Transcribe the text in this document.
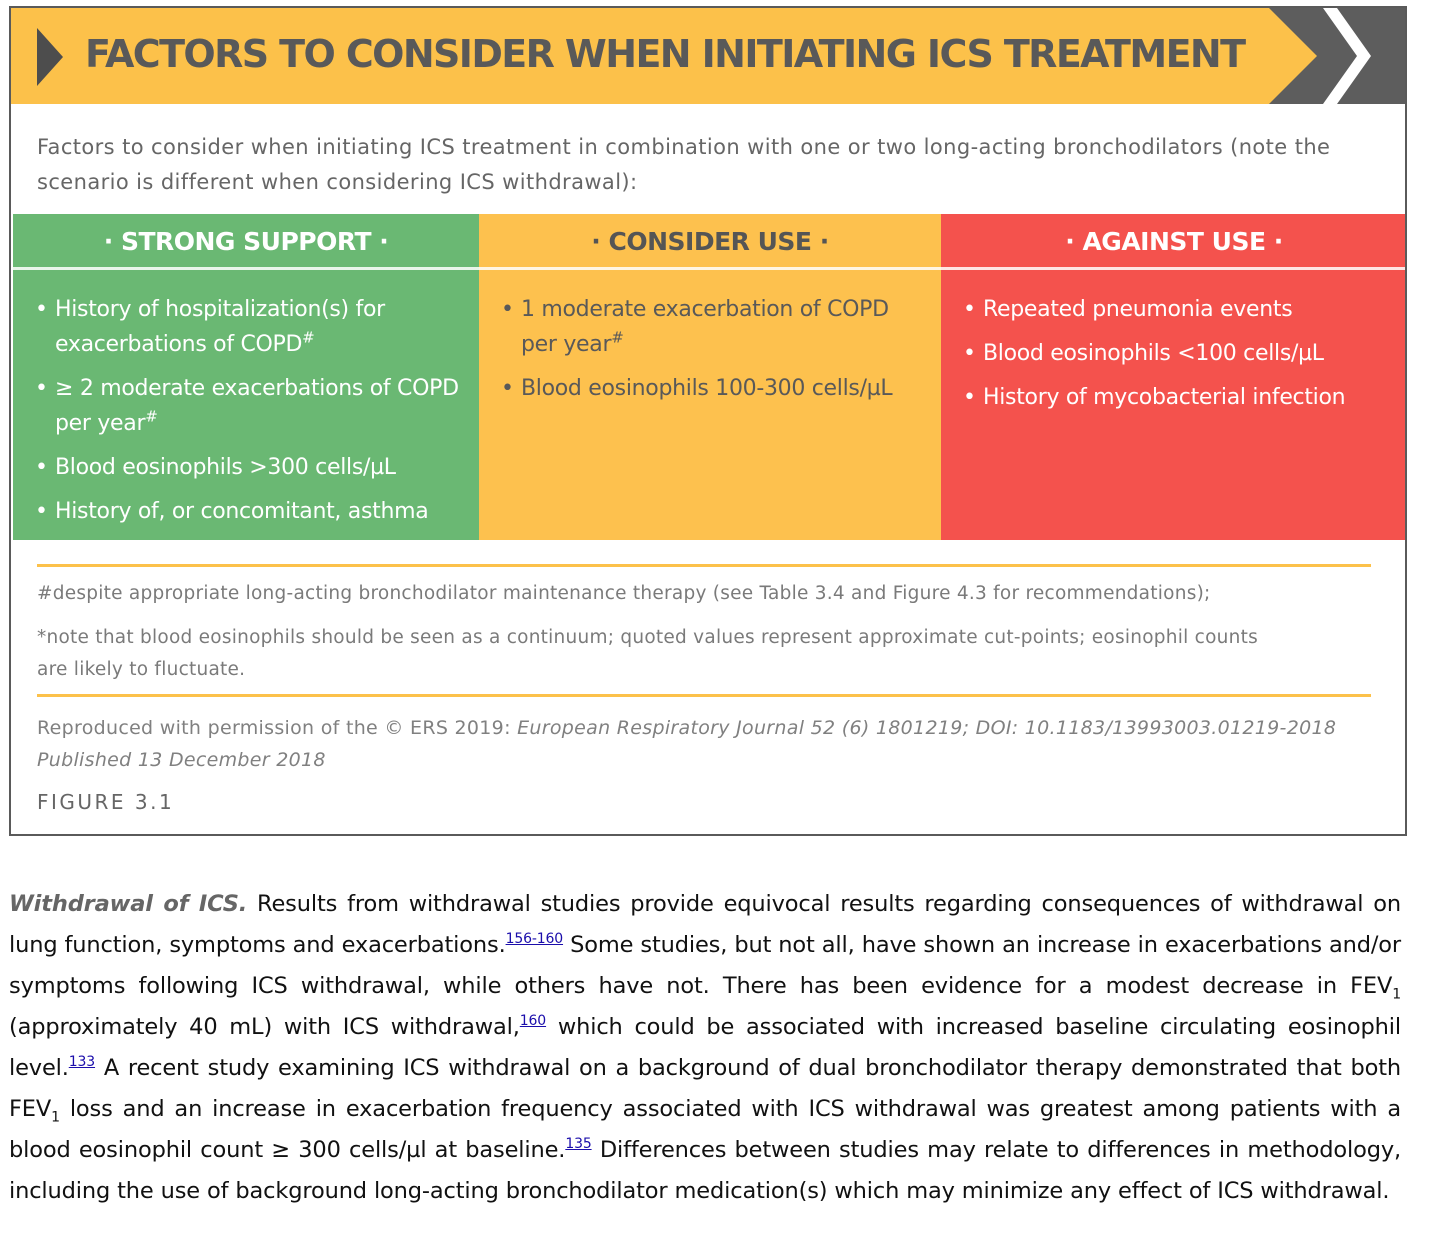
FACTORS TO CONSIDER WHEN INITIATING ICS TREATMENT
Factors to consider when initiating ICS treatment in combination with one or two long-acting bronchodilators (note the scenario is different when considering ICS withdrawal):
· STRONG SUPPORT ·
• History of hospitalization(s) for exacerbations of COPD#
• ≥ 2 moderate exacerbations of COPD per year#
• Blood eosinophils >300 cells/µL
• History of, or concomitant, asthma
· CONSIDER USE ·
• 1 moderate exacerbation of COPD per year#
• Blood eosinophils 100-300 cells/µL
· AGAINST USE ·
• Repeated pneumonia events
• Blood eosinophils <100 cells/µL
• History of mycobacterial infection
#despite appropriate long-acting bronchodilator maintenance therapy (see Table 3.4 and Figure 4.3 for recommendations);
*note that blood eosinophils should be seen as a continuum; quoted values represent approximate cut-points; eosinophil counts are likely to fluctuate.
Reproduced with permission of the © ERS 2019: European Respiratory Journal 52 (6) 1801219; DOI: 10.1183/13993003.01219-2018 Published 13 December 2018
FIGURE 3.1

Withdrawal of ICS. Results from withdrawal studies provide equivocal results regarding consequences of withdrawal on lung function, symptoms and exacerbations.$^{156-160}$ Some studies, but not all, have shown an increase in exacerbations and/or symptoms following ICS withdrawal, while others have not. There has been evidence for a modest decrease in $FEV_1$ (approximately 40 mL) with ICS withdrawal,$^{160}$ which could be associated with increased baseline circulating eosinophil level.$^{133}$ A recent study examining ICS withdrawal on a background of dual bronchodilator therapy demonstrated that both $FEV_1$ loss and an increase in exacerbation frequency associated with ICS withdrawal was greatest among patients with a blood eosinophil count ≥ 300 cells/µl at baseline.$^{135}$ Differences between studies may relate to differences in methodology, including the use of background long-acting bronchodilator medication(s) which may minimize any effect of ICS withdrawal.
